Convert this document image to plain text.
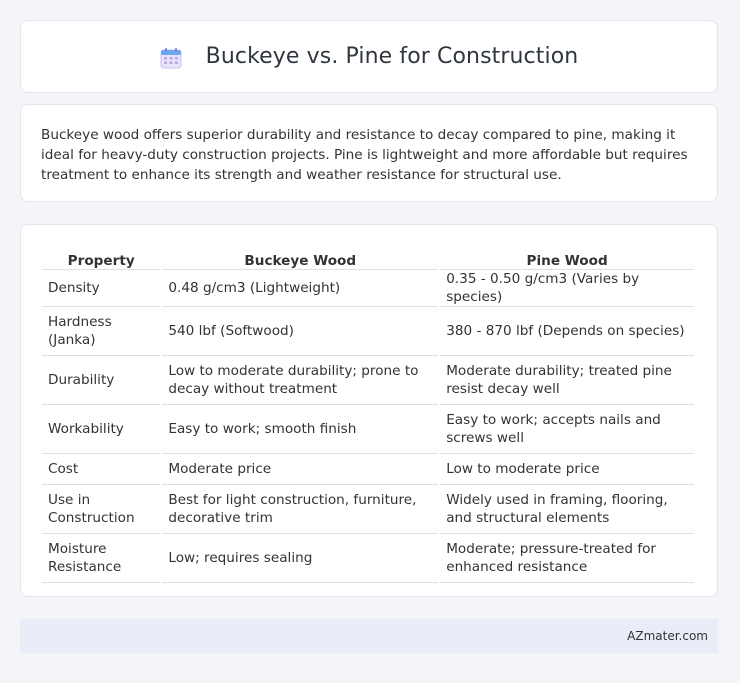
Buckeye vs. Pine for Construction

Buckeye wood offers superior durability and resistance to decay compared to pine, making it ideal for heavy-duty construction projects. Pine is lightweight and more affordable but requires treatment to enhance its strength and weather resistance for structural use.

Property	Buckeye Wood	Pine Wood
Density	0.48 g/cm3 (Lightweight)	0.35 - 0.50 g/cm3 (Varies by species)
Hardness (Janka)	540 lbf (Softwood)	380 - 870 lbf (Depends on species)
Durability	Low to moderate durability; prone to decay without treatment	Moderate durability; treated pine resist decay well
Workability	Easy to work; smooth finish	Easy to work; accepts nails and screws well
Cost	Moderate price	Low to moderate price
Use in Construction	Best for light construction, furniture, decorative trim	Widely used in framing, flooring, and structural elements
Moisture Resistance	Low; requires sealing	Moderate; pressure-treated for enhanced resistance
AZmater.com
